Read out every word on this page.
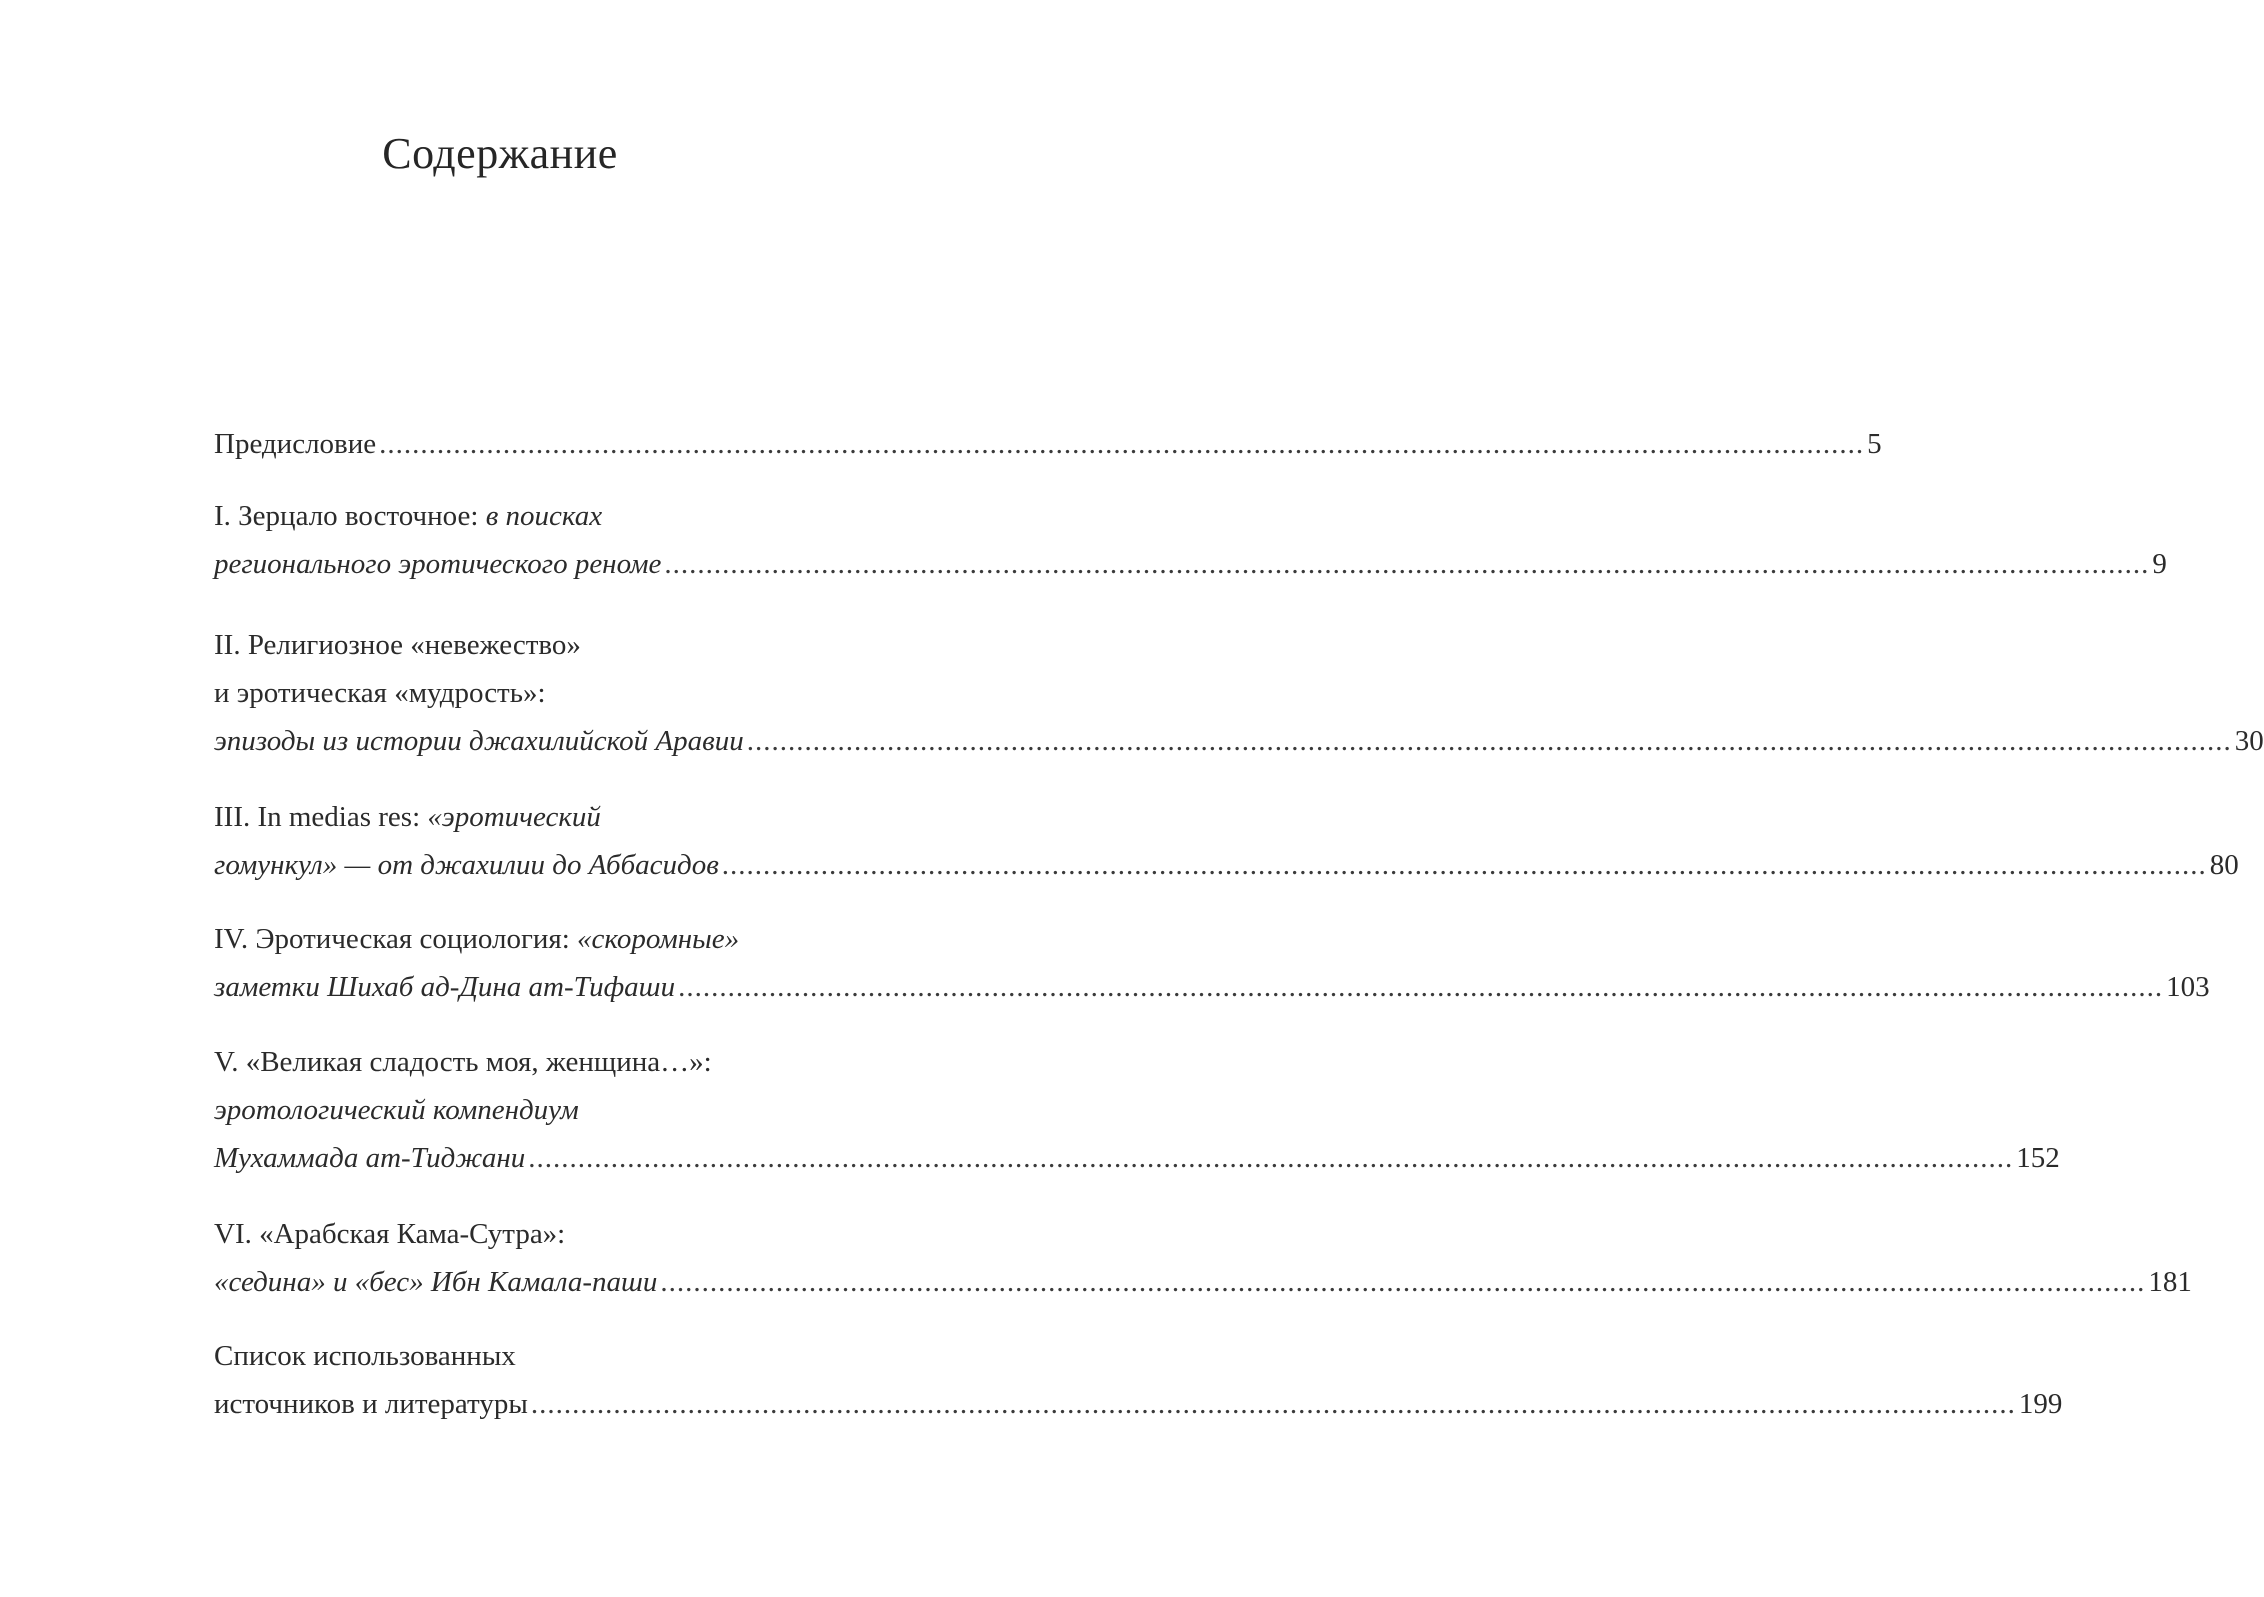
Содержание
Предисловие .................................................................................................................................................................................... 5
I. Зерцало восточное: в поисках
регионального эротического реноме .................................................................................................................................................................................... 9
II. Религиозное «невежество»
и эротическая «мудрость»:
эпизоды из истории джахилийской Аравии .................................................................................................................................................................................... 30
III. In medias res: «эротический
гомункул» — от джахилии до Аббасидов .................................................................................................................................................................................... 80
IV. Эротическая социология: «скоромные»
заметки Шихаб ад-Дина ат-Тифаши .................................................................................................................................................................................... 103
V. «Великая сладость моя, женщина…»:
эротологический компендиум
Мухаммада ат-Тиджани .................................................................................................................................................................................... 152
VI. «Арабская Кама-Сутра»:
«седина» и «бес» Ибн Камала-паши .................................................................................................................................................................................... 181
Список использованных
источников и литературы .................................................................................................................................................................................... 199
